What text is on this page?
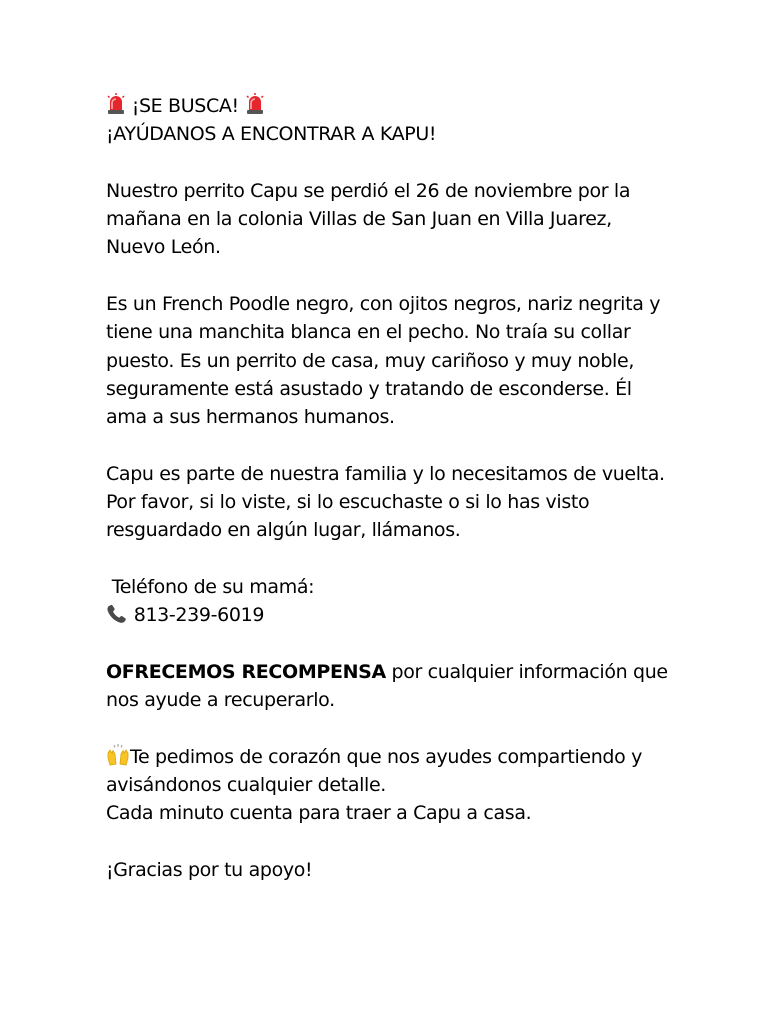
¡SE BUSCA!
¡AYÚDANOS A ENCONTRAR A KAPU!
Nuestro perrito Capu se perdió el 26 de noviembre por la
mañana en la colonia Villas de San Juan en Villa Juarez,
Nuevo León.
Es un French Poodle negro, con ojitos negros, nariz negrita y
tiene una manchita blanca en el pecho. No traía su collar
puesto. Es un perrito de casa, muy cariñoso y muy noble,
seguramente está asustado y tratando de esconderse. Él
ama a sus hermanos humanos.
Capu es parte de nuestra familia y lo necesitamos de vuelta.
Por favor, si lo viste, si lo escuchaste o si lo has visto
resguardado en algún lugar, llámanos.
Teléfono de su mamá:
813-239-6019
OFRECEMOS RECOMPENSA por cualquier información que
nos ayude a recuperarlo.
Te pedimos de corazón que nos ayudes compartiendo y
avisándonos cualquier detalle.
Cada minuto cuenta para traer a Capu a casa.
¡Gracias por tu apoyo!
